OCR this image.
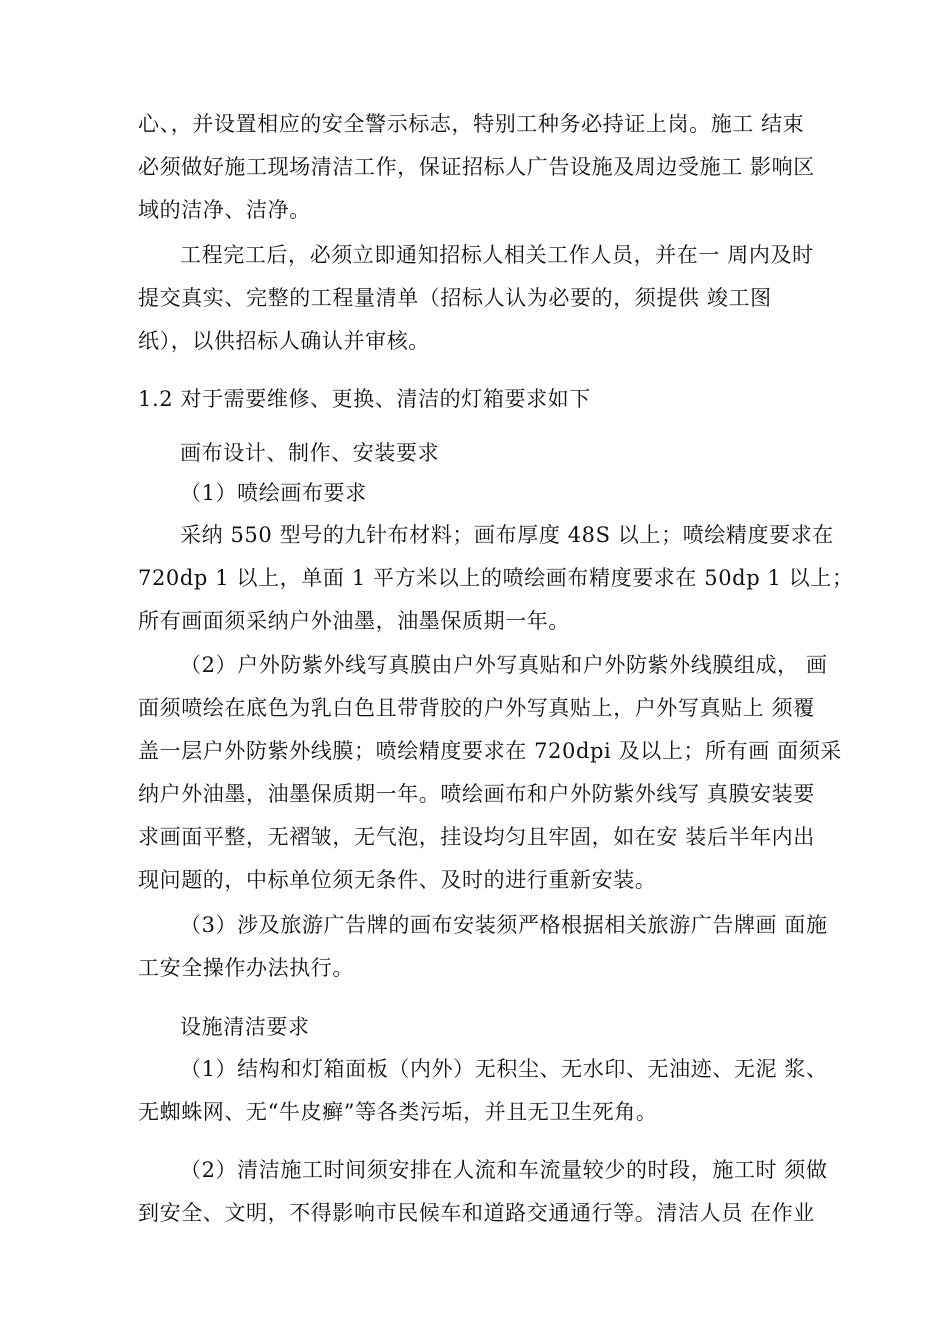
心、，并设置相应的安全警示标志，特别工种务必持证上岗。施工 结束
必须做好施工现场清洁工作，保证招标人广告设施及周边受施工 影响区
域的洁净、洁净。
工程完工后，必须立即通知招标人相关工作人员，并在一 周内及时
提交真实、完整的工程量清单（招标人认为必要的，须提供 竣工图
纸），以供招标人确认并审核。
1.2 对于需要维修、更换、清洁的灯箱要求如下
画布设计、制作、安装要求
（1）喷绘画布要求
采纳 550 型号的九针布材料；画布厚度 48S 以上；喷绘精度要求在
720dp 1 以上，单面 1 平方米以上的喷绘画布精度要求在 50dp 1 以上；
所有画面须采纳户外油墨，油墨保质期一年。
（2）户外防紫外线写真膜由户外写真贴和户外防紫外线膜组成， 画
面须喷绘在底色为乳白色且带背胶的户外写真贴上，户外写真贴上 须覆
盖一层户外防紫外线膜；喷绘精度要求在 720dpi 及以上；所有画 面须采
纳户外油墨，油墨保质期一年。喷绘画布和户外防紫外线写 真膜安装要
求画面平整，无褶皱，无气泡，挂设均匀且牢固，如在安 装后半年内出
现问题的，中标单位须无条件、及时的进行重新安装。
（3）涉及旅游广告牌的画布安装须严格根据相关旅游广告牌画 面施
工安全操作办法执行。
设施清洁要求
（1）结构和灯箱面板（内外）无积尘、无水印、无油迹、无泥 浆、
无蜘蛛网、无“牛皮癣”等各类污垢，并且无卫生死角。
（2）清洁施工时间须安排在人流和车流量较少的时段，施工时 须做
到安全、文明，不得影响市民候车和道路交通通行等。清洁人员 在作业
